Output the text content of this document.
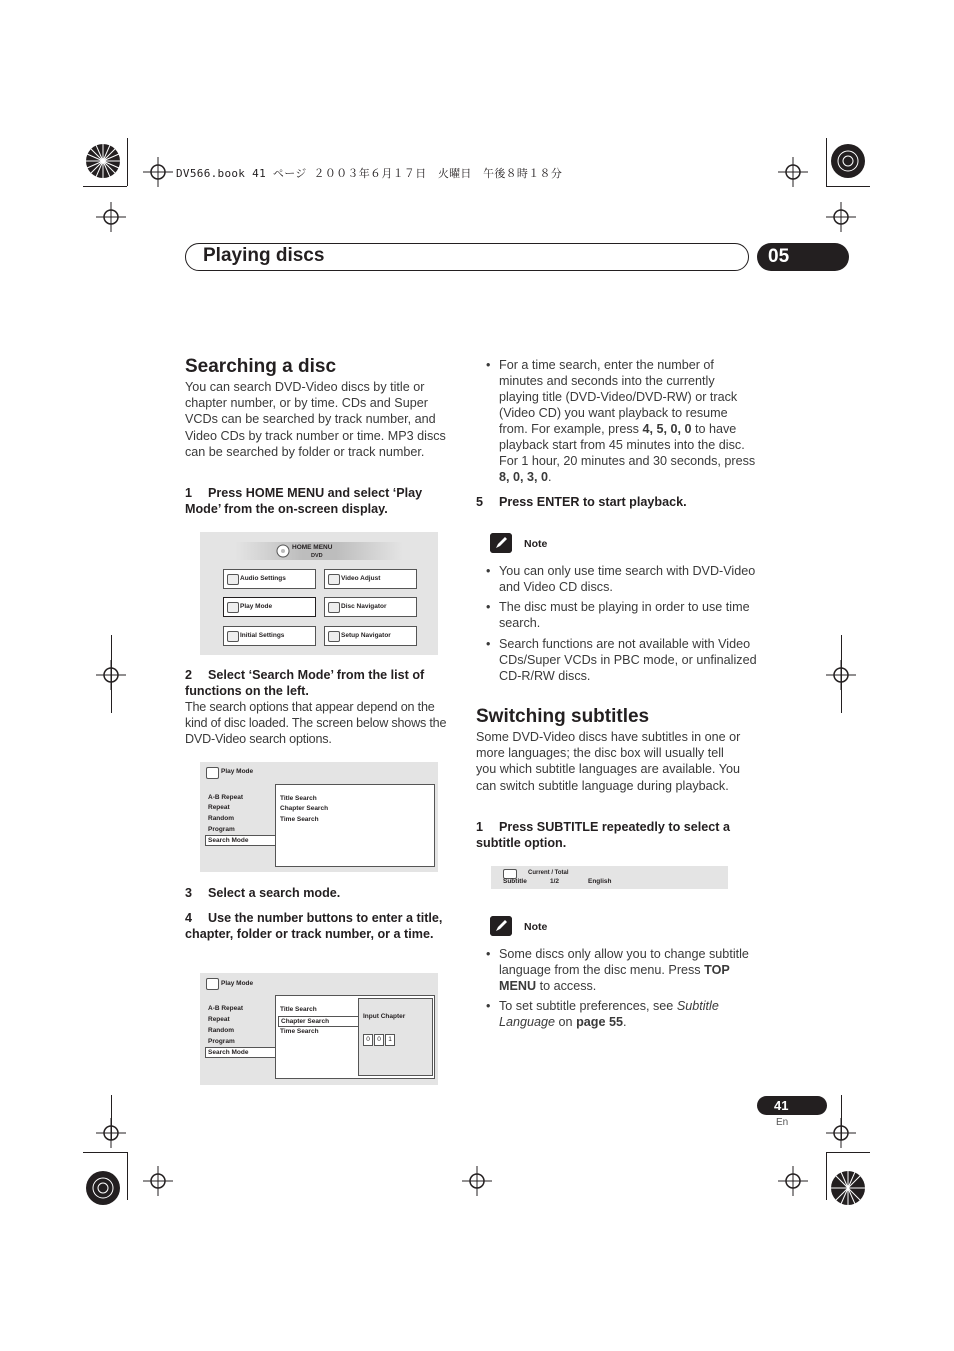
DV566.book 41 ページ ２００３年６月１７日　火曜日　午後８時１８分
Playing discs	05
Searching a disc

You can search DVD-Video discs by title or chapter number, or by time. CDs and Super VCDs can be searched by track number, and Video CDs by track number or time. MP3 discs can be searched by folder or track number.

1 Press HOME MENU and select ‘Play Mode’ from the on-screen display.

HOME MENU
DVD
Audio Settings	Video Adjust
Play Mode	Disc Navigator
Initial Settings	Setup Navigator

2 Select ‘Search Mode’ from the list of functions on the left.

The search options that appear depend on the kind of disc loaded. The screen below shows the DVD-Video search options.

Play Mode
A-B Repeat
Repeat
Random
Program
Search Mode
Title Search
Chapter Search
Time Search

3 Select a search mode.

4 Use the number buttons to enter a title, chapter, folder or track number, or a time.

Play Mode
A-B Repeat
Repeat
Random
Program
Search Mode
Title Search
Chapter Search
Time Search
Input Chapter
0 0 1

• For a time search, enter the number of minutes and seconds into the currently playing title (DVD-Video/DVD-RW) or track (Video CD) you want playback to resume from. For example, press 4, 5, 0, 0 to have playback start from 45 minutes into the disc. For 1 hour, 20 minutes and 30 seconds, press 8, 0, 3, 0.

5 Press ENTER to start playback.

Note

• You can only use time search with DVD-Video and Video CD discs.

• The disc must be playing in order to use time search.

• Search functions are not available with Video CDs/Super VCDs in PBC mode, or unfinalized CD-R/RW discs.

Switching subtitles

Some DVD-Video discs have subtitles in one or more languages; the disc box will usually tell you which subtitle languages are available. You can switch subtitle language during playback.

1 Press SUBTITLE repeatedly to select a subtitle option.

Current / Total
Subtitle	1/2	English
Note

• Some discs only allow you to change subtitle language from the disc menu. Press TOP MENU to access.

• To set subtitle preferences, see Subtitle Language on page 55.

41
En
